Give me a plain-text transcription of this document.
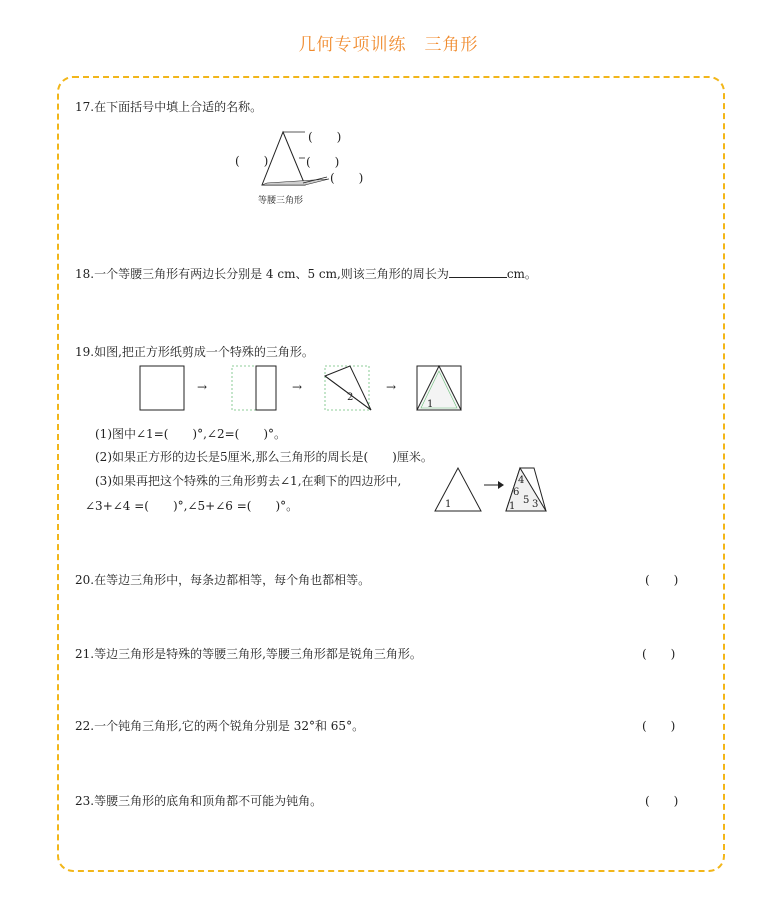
几何专项训练　三角形
17.在下面括号中填上合适的名称。
(　　)
(　　)	(　　)
(　　)
等腰三角形
18.一个等腰三角形有两边长分别是 4 cm、5 cm,则该三角形的周长为	cm。
19.如图,把正方形纸剪成一个特殊的三角形。
2
1
→	→	→
(1)图中∠1=(　　)°,∠2=(　　)°。
(2)如果正方形的边长是5厘米,那么三角形的周长是(　　)厘米。
(3)如果再把这个特殊的三角形剪去∠1,在剩下的四边形中,
∠3+∠4 =(　　)°,∠5+∠6 =(　　)°。	1
4
6
5 3
1
20.在等边三角形中，每条边都相等，每个角也都相等。	(　　)
21.等边三角形是特殊的等腰三角形,等腰三角形都是锐角三角形。	(　　)
22.一个钝角三角形,它的两个锐角分别是 32°和 65°。	(　　)
23.等腰三角形的底角和顶角都不可能为钝角。	(　　)
